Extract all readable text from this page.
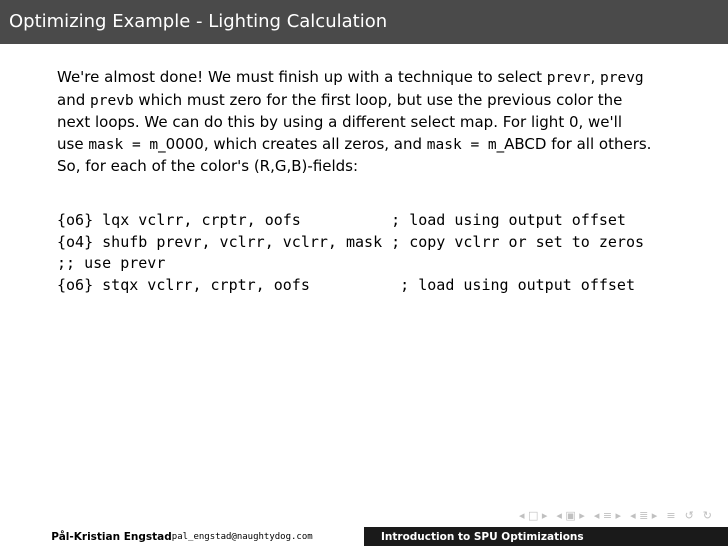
Optimizing Example - Lighting Calculation
We're almost done! We must finish up with a technique to select prevr, prevg
and prevb which must zero for the first loop, but use the previous color the
next loops. We can do this by using a different select map. For light 0, we'll
use mask = m_0000, which creates all zeros, and mask = m_ABCD for all others.
So, for each of the color's (R,G,B)-fields:
{o6} lqx vclrr, crptr, oofs          ; load using output offset
{o4} shufb prevr, vclrr, vclrr, mask ; copy vclrr or set to zeros
;; use prevr
{o6} stqx vclrr, crptr, oofs          ; load using output offset
◂ □ ▸ ◂ ▣ ▸ ◂ ≡ ▸ ◂ ≣ ▸ ≡ ↺ ↻
Pål-Kristian Engstad pal_engstad@naughtydog.com	Introduction to SPU Optimizations
